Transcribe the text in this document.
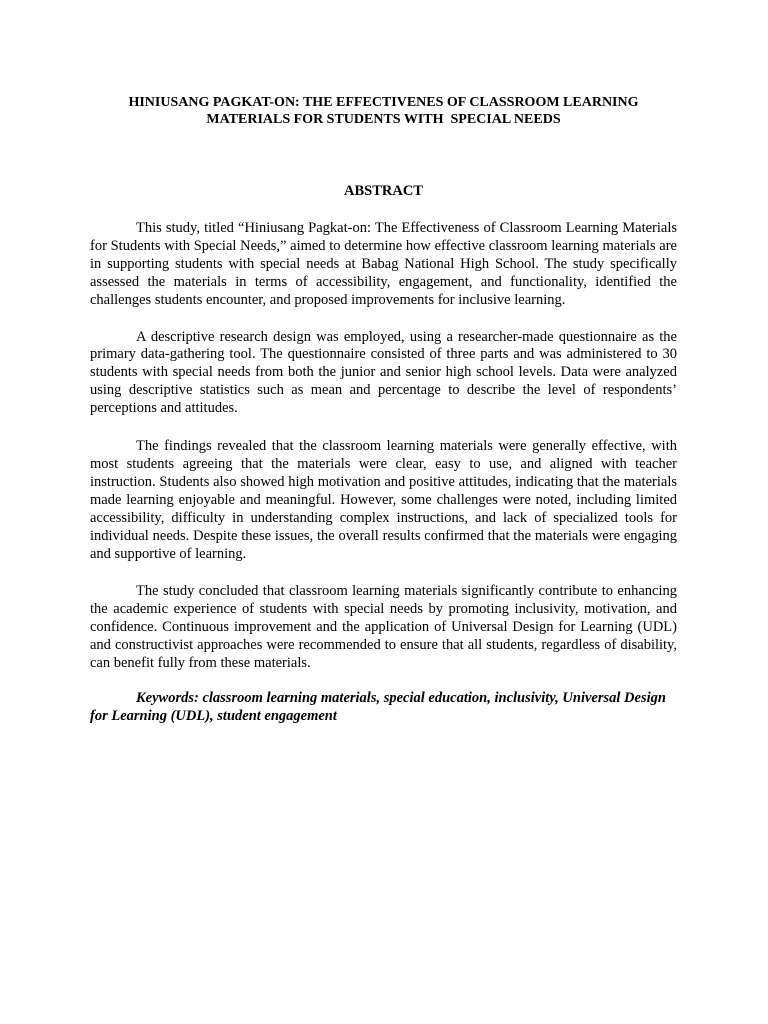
HINIUSANG PAGKAT-ON: THE EFFECTIVENES OF CLASSROOM LEARNING
MATERIALS FOR STUDENTS WITH  SPECIAL NEEDS
ABSTRACT

This study, titled “Hiniusang Pagkat-on: The Effectiveness of Classroom Learning Materials for Students with Special Needs,” aimed to determine how effective classroom learning materials are in supporting students with special needs at Babag National High School. The study specifically assessed the materials in terms of accessibility, engagement, and functionality, identified the challenges students encounter, and proposed improvements for inclusive learning.

A descriptive research design was employed, using a researcher-made questionnaire as the primary data-gathering tool. The questionnaire consisted of three parts and was administered to 30 students with special needs from both the junior and senior high school levels. Data were analyzed using descriptive statistics such as mean and percentage to describe the level of respondents’ perceptions and attitudes.

The findings revealed that the classroom learning materials were generally effective, with most students agreeing that the materials were clear, easy to use, and aligned with teacher instruction. Students also showed high motivation and positive attitudes, indicating that the materials made learning enjoyable and meaningful. However, some challenges were noted, including limited accessibility, difficulty in understanding complex instructions, and lack of specialized tools for individual needs. Despite these issues, the overall results confirmed that the materials were engaging and supportive of learning.

The study concluded that classroom learning materials significantly contribute to enhancing the academic experience of students with special needs by promoting inclusivity, motivation, and confidence. Continuous improvement and the application of Universal Design for Learning (UDL) and constructivist approaches were recommended to ensure that all students, regardless of disability, can benefit fully from these materials.

Keywords: classroom learning materials, special education, inclusivity, Universal Design for Learning (UDL), student engagement
